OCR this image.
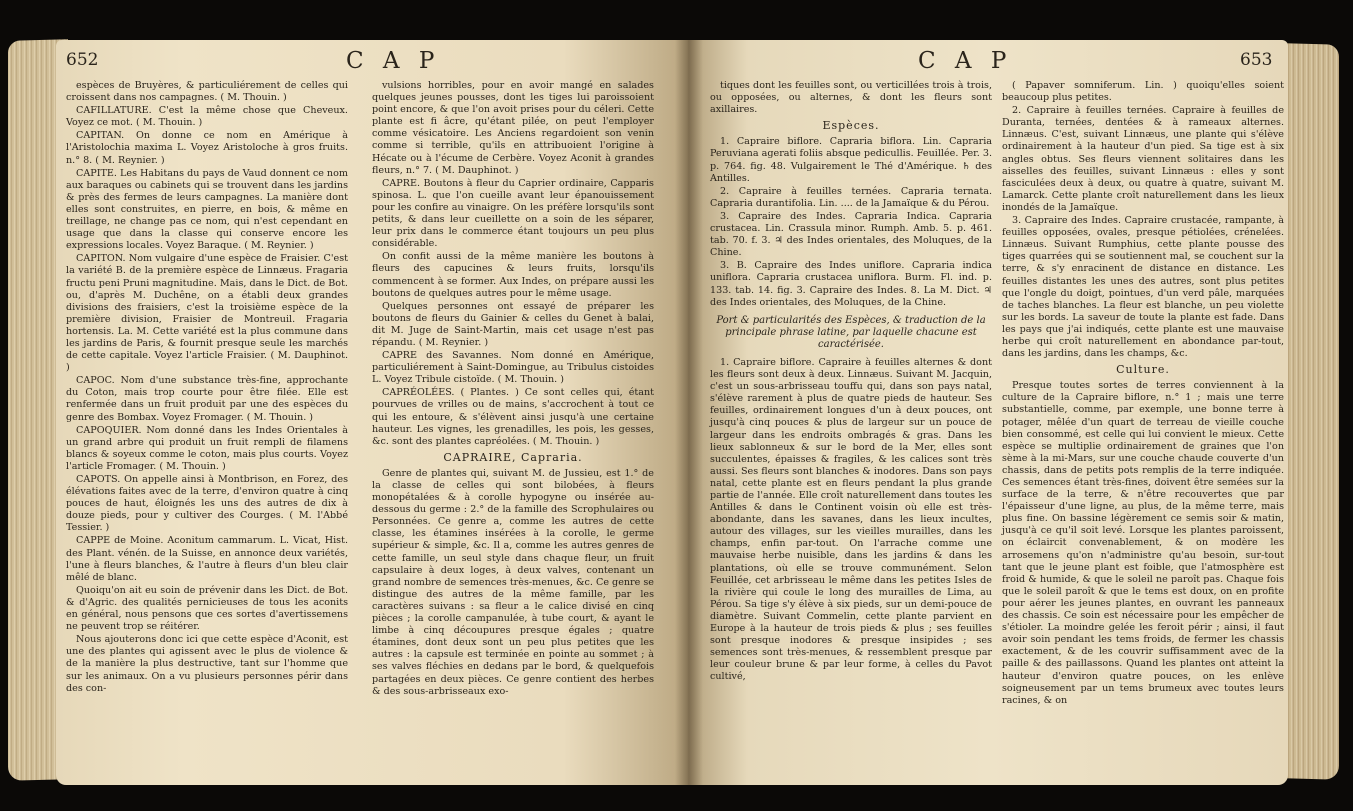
652	C A P

espèces de Bruyères, & particuliérement de celles qui croissent dans nos campagnes. ( M. Thouin. )

CAFILLATURE. C'est la même chose que Cheveux. Voyez ce mot. ( M. Thouin. )

CAPITAN. On donne ce nom en Amérique à l'Aristolochia maxima L. Voyez Aristoloche à gros fruits. n.° 8. ( M. Reynier. )

CAPITE. Les Habitans du pays de Vaud donnent ce nom aux baraques ou cabinets qui se trouvent dans les jardins & près des fermes de leurs campagnes. La manière dont elles sont construites, en pierre, en bois, & même en treillage, ne change pas ce nom, qui n'est cependant en usage que dans la classe qui conserve encore les expressions locales. Voyez Baraque. ( M. Reynier. )

CAPITON. Nom vulgaire d'une espèce de Fraisier. C'est la variété B. de la première espèce de Linnæus. Fragaria fructu peni Pruni magnitudine. Mais, dans le Dict. de Bot. ou, d'après M. Duchêne, on a établi deux grandes divisions des fraisiers, c'est la troisième espèce de la première division, Fraisier de Montreuil. Fragaria hortensis. La. M. Cette variété est la plus commune dans les jardins de Paris, & fournit presque seule les marchés de cette capitale. Voyez l'article Fraisier. ( M. Dauphinot. )

CAPOC. Nom d'une substance très-fine, approchante du Coton, mais trop courte pour être filée. Elle est renfermée dans un fruit produit par une des espèces du genre des Bombax. Voyez Fromager. ( M. Thouin. )

CAPOQUIER. Nom donné dans les Indes Orientales à un grand arbre qui produit un fruit rempli de filamens blancs & soyeux comme le coton, mais plus courts. Voyez l'article Fromager. ( M. Thouin. )

CAPOTS. On appelle ainsi à Montbrison, en Forez, des élévations faites avec de la terre, d'environ quatre à cinq pouces de haut, éloignés les uns des autres de dix à douze pieds, pour y cultiver des Courges. ( M. l'Abbé Tessier. )

CAPPE de Moine. Aconitum cammarum. L. Vicat, Hist. des Plant. vénén. de la Suisse, en annonce deux variétés, l'une à fleurs blanches, & l'autre à fleurs d'un bleu clair mêlé de blanc.

Quoiqu'on ait eu soin de prévenir dans les Dict. de Bot. & d'Agric. des qualités pernicieuses de tous les aconits en général, nous pensons que ces sortes d'avertissemens ne peuvent trop se réitérer.

Nous ajouterons donc ici que cette espèce d'Aconit, est une des plantes qui agissent avec le plus de violence & de la manière la plus destructive, tant sur l'homme que sur les animaux. On a vu plusieurs personnes périr dans des con-

vulsions horribles, pour en avoir mangé en salades quelques jeunes pousses, dont les tiges lui paroissoient point encore, & que l'on avoit prises pour du céleri. Cette plante est fi âcre, qu'étant pilée, on peut l'employer comme vésicatoire. Les Anciens regardoient son venin comme si terrible, qu'ils en attribuoient l'origine à Hécate ou à l'écume de Cerbère. Voyez Aconit à grandes fleurs, n.° 7. ( M. Dauphinot. )

CAPRE. Boutons à fleur du Caprier ordinaire, Capparis spinosa. L. que l'on cueille avant leur épanouissement pour les confire au vinaigre. On les préfère lorsqu'ils sont petits, & dans leur cueillette on a soin de les séparer, leur prix dans le commerce étant toujours un peu plus considérable.

On confit aussi de la même manière les boutons à fleurs des capucines & leurs fruits, lorsqu'ils commencent à se former. Aux Indes, on prépare aussi les boutons de quelques autres pour le même usage.

Quelques personnes ont essayé de préparer les boutons de fleurs du Gainier & celles du Genet à balai, dit M. Juge de Saint-Martin, mais cet usage n'est pas répandu. ( M. Reynier. )

CAPRE des Savannes. Nom donné en Amérique, particuliérement à Saint-Domingue, au Tribulus cistoides L. Voyez Tribule cistoïde. ( M. Thouin. )

CAPRÉOLÉES. ( Plantes. ) Ce sont celles qui, étant pourvues de vrilles ou de mains, s'accrochent à tout ce qui les entoure, & s'élèvent ainsi jusqu'à une certaine hauteur. Les vignes, les grenadilles, les pois, les gesses, &c. sont des plantes capréolées. ( M. Thouin. )

CAPRAIRE, Capraria.

Genre de plantes qui, suivant M. de Jussieu, est 1.° de la classe de celles qui sont bilobées, à fleurs monopétalées & à corolle hypogyne ou insérée au-dessous du germe : 2.° de la famille des Scrophulaires ou Personnées. Ce genre a, comme les autres de cette classe, les étamines insérées à la corolle, le germe supérieur & simple, &c. Il a, comme les autres genres de cette famille, un seul style dans chaque fleur, un fruit capsulaire à deux loges, à deux valves, contenant un grand nombre de semences très-menues, &c. Ce genre se distingue des autres de la même famille, par les caractères suivans : sa fleur a le calice divisé en cinq pièces ; la corolle campanulée, à tube court, & ayant le limbe à cinq découpures presque égales ; quatre étamines, dont deux sont un peu plus petites que les autres : la capsule est terminée en pointe au sommet ; à ses valves fléchies en dedans par le bord, & quelquefois partagées en deux pièces. Ce genre contient des herbes & des sous-arbrisseaux exo-

C A P	653

tiques dont les feuilles sont, ou verticillées trois à trois, ou opposées, ou alternes, & dont les fleurs sont axillaires.

Espèces.

1. Capraire biflore. Capraria biflora. Lin. Capraria Peruviana agerati foliis absque pedicullis. Feuillée. Per. 3. p. 764. fig. 48. Vulgairement le Thé d'Amérique. ♄ des Antilles.

2. Capraire à feuilles ternées. Capraria ternata. Capraria durantifolia. Lin. .... de la Jamaïque & du Pérou.

3. Capraire des Indes. Capraria Indica. Capraria crustacea. Lin. Crassula minor. Rumph. Amb. 5. p. 461. tab. 70. f. 3. ♃ des Indes orientales, des Moluques, de la Chine.

3. B. Capraire des Indes uniflore. Capraria indica uniflora. Capraria crustacea uniflora. Burm. Fl. ind. p. 133. tab. 14. fig. 3. Capraire des Indes. 8. La M. Dict. ♃ des Indes orientales, des Moluques, de la Chine.

Port & particularités des Espèces, & traduction de la principale phrase latine, par laquelle chacune est caractérisée.

1. Capraire biflore. Capraire à feuilles alternes & dont les fleurs sont deux à deux. Linnæus. Suivant M. Jacquin, c'est un sous-arbrisseau touffu qui, dans son pays natal, s'élève rarement à plus de quatre pieds de hauteur. Ses feuilles, ordinairement longues d'un à deux pouces, ont jusqu'à cinq pouces & plus de largeur sur un pouce de largeur dans les endroits ombragés & gras. Dans les lieux sablonneux & sur le bord de la Mer, elles sont succulentes, épaisses & fragiles, & les calices sont très aussi. Ses fleurs sont blanches & inodores. Dans son pays natal, cette plante est en fleurs pendant la plus grande partie de l'année. Elle croît naturellement dans toutes les Antilles & dans le Continent voisin où elle est très-abondante, dans les savanes, dans les lieux incultes, autour des villages, sur les vieilles murailles, dans les champs, enfin par-tout. On l'arrache comme une mauvaise herbe nuisible, dans les jardins & dans les plantations, où elle se trouve communément. Selon Feuillée, cet arbrisseau le même dans les petites Isles de la rivière qui coule le long des murailles de Lima, au Pérou. Sa tige s'y élève à six pieds, sur un demi-pouce de diamètre. Suivant Commelin, cette plante parvient en Europe à la hauteur de trois pieds & plus ; ses feuilles sont presque inodores & presque insipides ; ses semences sont très-menues, & ressemblent presque par leur couleur brune & par leur forme, à celles du Pavot cultivé,

( Papaver somniferum. Lin. ) quoiqu'elles soient beaucoup plus petites.

2. Capraire à feuilles ternées. Capraire à feuilles de Duranta, ternées, dentées & à rameaux alternes. Linnæus. C'est, suivant Linnæus, une plante qui s'élève ordinairement à la hauteur d'un pied. Sa tige est à six angles obtus. Ses fleurs viennent solitaires dans les aisselles des feuilles, suivant Linnæus : elles y sont fasciculées deux à deux, ou quatre à quatre, suivant M. Lamarck. Cette plante croît naturellement dans les lieux inondés de la Jamaïque.

3. Capraire des Indes. Capraire crustacée, rampante, à feuilles opposées, ovales, presque pétiolées, crénelées. Linnæus. Suivant Rumphius, cette plante pousse des tiges quarrées qui se soutiennent mal, se couchent sur la terre, & s'y enracinent de distance en distance. Les feuilles distantes les unes des autres, sont plus petites que l'ongle du doigt, pointues, d'un verd pâle, marquées de taches blanches. La fleur est blanche, un peu violette sur les bords. La saveur de toute la plante est fade. Dans les pays que j'ai indiqués, cette plante est une mauvaise herbe qui croît naturellement en abondance par-tout, dans les jardins, dans les champs, &c.

Culture.

Presque toutes sortes de terres conviennent à la culture de la Capraire biflore, n.° 1 ; mais une terre substantielle, comme, par exemple, une bonne terre à potager, mêlée d'un quart de terreau de vieille couche bien consommé, est celle qui lui convient le mieux. Cette espèce se multiplie ordinairement de graines que l'on sème à la mi-Mars, sur une couche chaude couverte d'un chassis, dans de petits pots remplis de la terre indiquée. Ces semences étant très-fines, doivent être semées sur la surface de la terre, & n'être recouvertes que par l'épaisseur d'une ligne, au plus, de la même terre, mais plus fine. On bassine légèrement ce semis soir & matin, jusqu'à ce qu'il soit levé. Lorsque les plantes paroissent, on éclaircit convenablement, & on modère les arrosemens qu'on n'administre qu'au besoin, sur-tout tant que le jeune plant est foible, que l'atmosphère est froid & humide, & que le soleil ne paroît pas. Chaque fois que le soleil paroît & que le tems est doux, on en profite pour aérer les jeunes plantes, en ouvrant les panneaux des chassis. Ce soin est nécessaire pour les empêcher de s'étioler. La moindre gelée les feroit périr ; ainsi, il faut avoir soin pendant les tems froids, de fermer les chassis exactement, & de les couvrir suffisamment avec de la paille & des paillassons. Quand les plantes ont atteint la hauteur d'environ quatre pouces, on les enlève soigneusement par un tems brumeux avec toutes leurs racines, & on
